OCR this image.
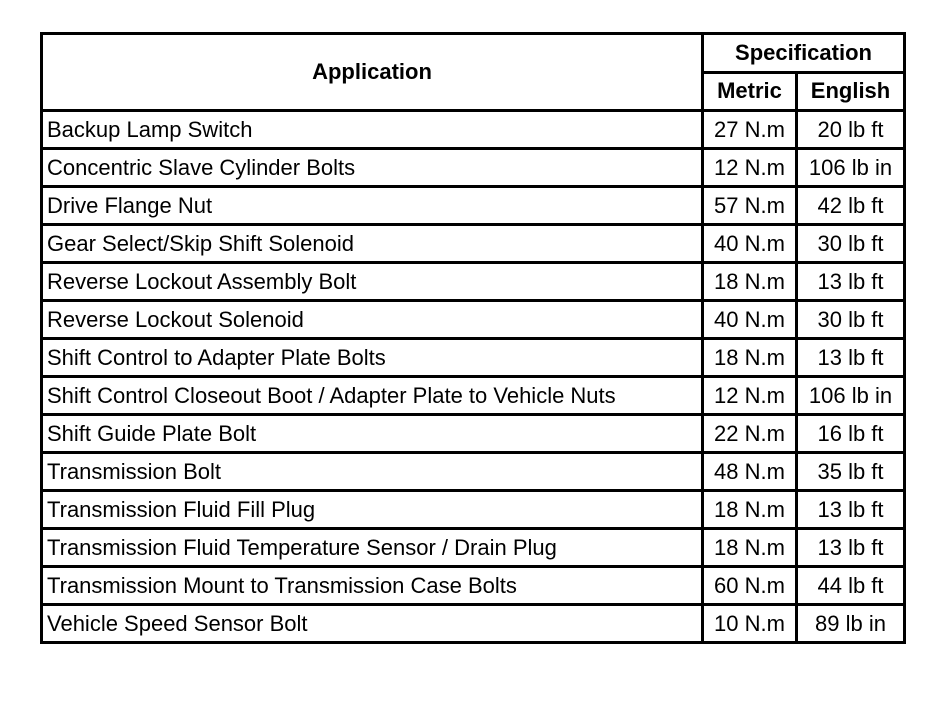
Application	Specification	
	Metric	English
Backup Lamp Switch	27 N.m	20 lb ft
Concentric Slave Cylinder Bolts	12 N.m	106 lb in
Drive Flange Nut	57 N.m	42 lb ft
Gear Select/Skip Shift Solenoid	40 N.m	30 lb ft
Reverse Lockout Assembly Bolt	18 N.m	13 lb ft
Reverse Lockout Solenoid	40 N.m	30 lb ft
Shift Control to Adapter Plate Bolts	18 N.m	13 lb ft
Shift Control Closeout Boot / Adapter Plate to Vehicle Nuts	12 N.m	106 lb in
Shift Guide Plate Bolt	22 N.m	16 lb ft
Transmission Bolt	48 N.m	35 lb ft
Transmission Fluid Fill Plug	18 N.m	13 lb ft
Transmission Fluid Temperature Sensor / Drain Plug	18 N.m	13 lb ft
Transmission Mount to Transmission Case Bolts	60 N.m	44 lb ft
Vehicle Speed Sensor Bolt	10 N.m	89 lb in
